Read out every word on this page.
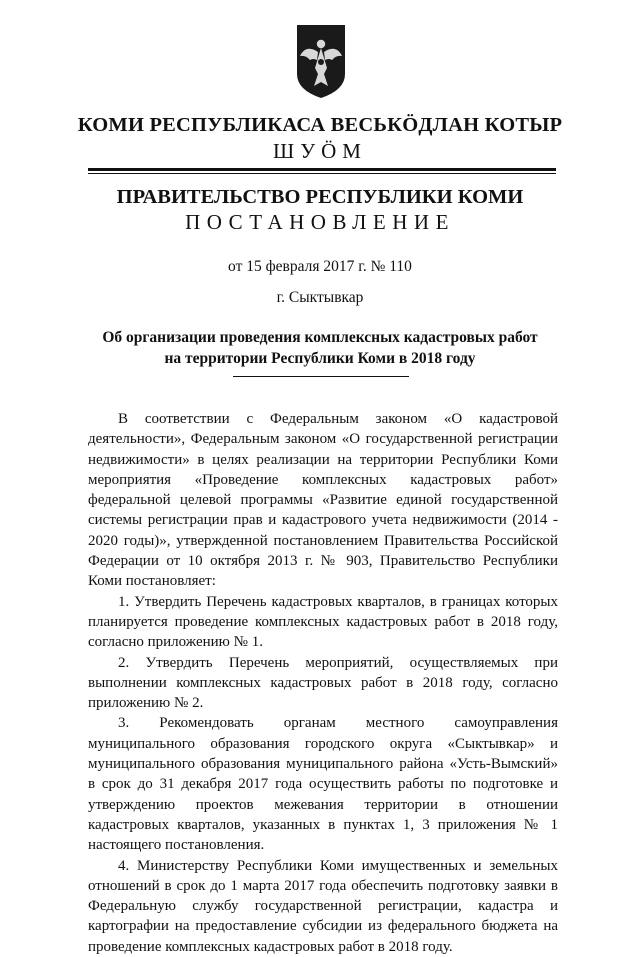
КОМИ РЕСПУБЛИКАСА ВЕСЬКӦДЛАН КОТЫР
ШУӦМ
ПРАВИТЕЛЬСТВО РЕСПУБЛИКИ КОМИ
ПОСТАНОВЛЕНИЕ
от 15 февраля 2017 г. № 110
г. Сыктывкар
Об организации проведения комплексных кадастровых работ
на территории Республики Коми в 2018 году

В соответствии с Федеральным законом «О кадастровой деятельности», Федеральным законом «О государственной регистрации недвижимости» в целях реализации на территории Республики Коми мероприятия «Проведение комплексных кадастровых работ» федеральной целевой программы «Развитие единой государственной системы регистрации прав и кадастрового учета недвижимости (2014 - 2020 годы)», утвержденной постановлением Правительства Российской Федерации от 10 октября 2013 г. № 903, Правительство Республики Коми постановляет:

1. Утвердить Перечень кадастровых кварталов, в границах которых планируется проведение комплексных кадастровых работ в 2018 году, согласно приложению № 1.

2. Утвердить Перечень мероприятий, осуществляемых при выполнении комплексных кадастровых работ в 2018 году, согласно приложению № 2.

3. Рекомендовать органам местного самоуправления муниципального образования городского округа «Сыктывкар» и муниципального образования муниципального района «Усть-Вымский» в срок до 31 декабря 2017 года осуществить работы по подготовке и утверждению проектов межевания территории в отношении кадастровых кварталов, указанных в пунктах 1, 3 приложения № 1 настоящего постановления.

4. Министерству Республики Коми имущественных и земельных отношений в срок до 1 марта 2017 года обеспечить подготовку заявки в Федеральную службу государственной регистрации, кадастра и картографии на предоставление субсидии из федерального бюджета на проведение комплексных кадастровых работ в 2018 году.
